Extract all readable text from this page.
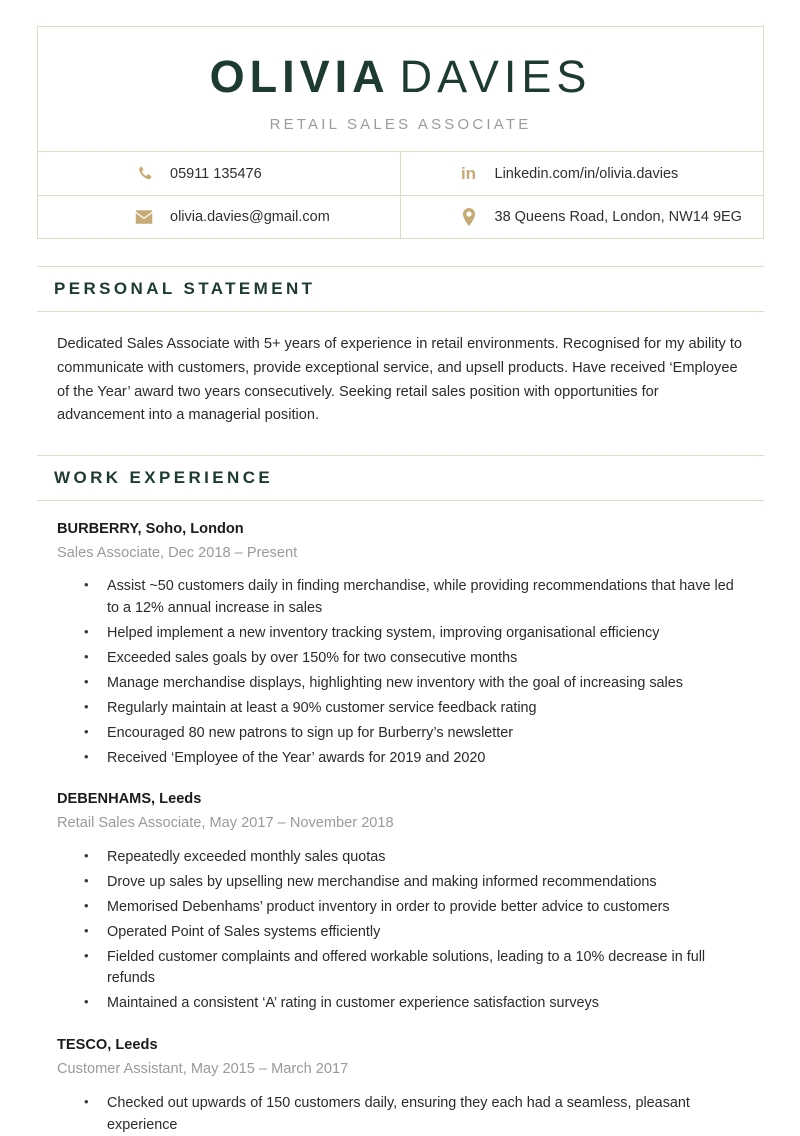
OLIVIA DAVIES
RETAIL SALES ASSOCIATE
05911 135476	in Linkedin.com/in/olivia.davies
olivia.davies@gmail.com	38 Queens Road, London, NW14 9EG
PERSONAL STATEMENT
Dedicated Sales Associate with 5+ years of experience in retail environments. Recognised for my ability to communicate with customers, provide exceptional service, and upsell products. Have received ‘Employee of the Year’ award two years consecutively. Seeking retail sales position with opportunities for advancement into a managerial position.
WORK EXPERIENCE
BURBERRY, Soho, London
Sales Associate, Dec 2018 – Present
• Assist ~50 customers daily in finding merchandise, while providing recommendations that have led to a 12% annual increase in sales
• Helped implement a new inventory tracking system, improving organisational efficiency
• Exceeded sales goals by over 150% for two consecutive months
• Manage merchandise displays, highlighting new inventory with the goal of increasing sales
• Regularly maintain at least a 90% customer service feedback rating
• Encouraged 80 new patrons to sign up for Burberry’s newsletter
• Received ‘Employee of the Year’ awards for 2019 and 2020
DEBENHAMS, Leeds
Retail Sales Associate, May 2017 – November 2018
• Repeatedly exceeded monthly sales quotas
• Drove up sales by upselling new merchandise and making informed recommendations
• Memorised Debenhams’ product inventory in order to provide better advice to customers
• Operated Point of Sales systems efficiently
• Fielded customer complaints and offered workable solutions, leading to a 10% decrease in full refunds
• Maintained a consistent ‘A’ rating in customer experience satisfaction surveys
TESCO, Leeds
Customer Assistant, May 2015 – March 2017
• Checked out upwards of 150 customers daily, ensuring they each had a seamless, pleasant experience
